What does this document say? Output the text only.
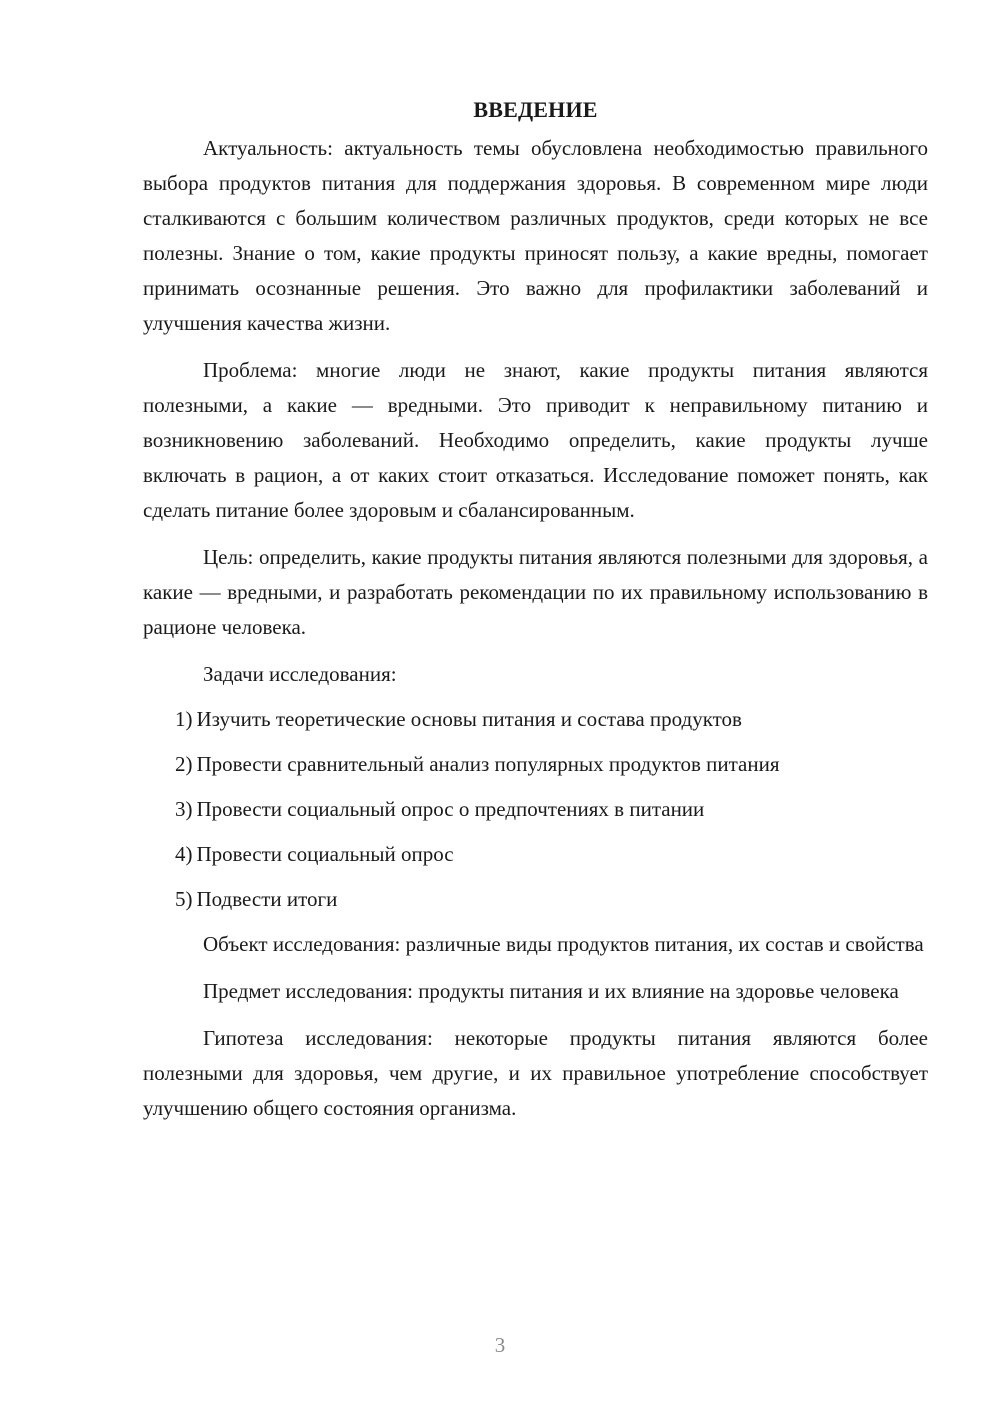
ВВЕДЕНИЕ

Актуальность: актуальность темы обусловлена необходимостью правильного выбора продуктов питания для поддержания здоровья. В современном мире люди сталкиваются с большим количеством различных продуктов, среди которых не все полезны. Знание о том, какие продукты приносят пользу, а какие вредны, помогает принимать осознанные решения. Это важно для профилактики заболеваний и улучшения качества жизни.

Проблема: многие люди не знают, какие продукты питания являются полезными, а какие — вредными. Это приводит к неправильному питанию и возникновению заболеваний. Необходимо определить, какие продукты лучше включать в рацион, а от каких стоит отказаться. Исследование поможет понять, как сделать питание более здоровым и сбалансированным.

Цель: определить, какие продукты питания являются полезными для здоровья, а какие — вредными, и разработать рекомендации по их правильному использованию в рационе человека.

Задачи исследования:

1) Изучить теоретические основы питания и состава продуктов
2) Провести сравнительный анализ популярных продуктов питания
3) Провести социальный опрос о предпочтениях в питании
4) Провести социальный опрос
5) Подвести итоги

Объект исследования: различные виды продуктов питания, их состав и свойства

Предмет исследования: продукты питания и их влияние на здоровье человека

Гипотеза исследования: некоторые продукты питания являются более полезными для здоровья, чем другие, и их правильное употребление способствует улучшению общего состояния организма.

3
